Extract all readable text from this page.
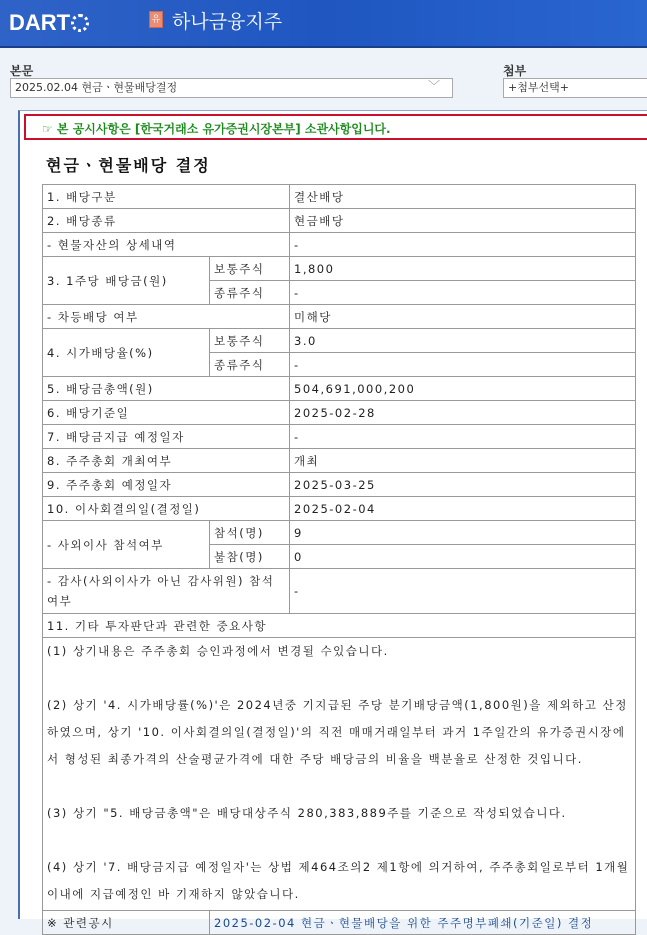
DART	유 하나금융지주
본문
2025.02.04 현금ㆍ현물배당결정	﹀
첨부
+첨부선택+
☞ 본 공시사항은 [한국거래소 유가증권시장본부] 소관사항입니다.
현금ㆍ현물배당 결정
1. 배당구분		결산배당
2. 배당종류		현금배당
- 현물자산의 상세내역		-
3. 1주당 배당금(원)	보통주식	1,800
	종류주식	-
- 차등배당 여부		미해당
4. 시가배당율(%)	보통주식	3.0
	종류주식	-
5. 배당금총액(원)		504,691,000,200
6. 배당기준일		2025-02-28
7. 배당금지급 예정일자		-
8. 주주총회 개최여부		개최
9. 주주총회 예정일자		2025-03-25
10. 이사회결의일(결정일)		2025-02-04
- 사외이사 참석여부	참석(명)	9
	불참(명)	0
- 감사(사외이사가 아닌 감사위원) 참석여부		-
11. 기타 투자판단과 관련한 중요사항		

(1) 상기내용은 주주총회 승인과정에서 변경될 수있습니다.
(2) 상기 '4. 시가배당률(%)'은 2024년중 기지급된 주당 분기배당금액(1,800원)을 제외하고 산정하였으며, 상기 '10. 이사회결의일(결정일)'의 직전 매매거래일부터 과거 1주일간의 유가증권시장에서 형성된 최종가격의 산술평균가격에 대한 주당 배당금의 비율을 백분율로 산정한 것입니다.
(3) 상기 "5. 배당금총액"은 배당대상주식 280,383,889주를 기준으로 작성되었습니다.
(4) 상기 '7. 배당금지급 예정일자'는 상법 제464조의2 제1항에 의거하여, 주주총회일로부터 1개월이내에 지급예정인 바 기재하지 않았습니다.		

※ 관련공시	2025-02-04 현금ㆍ현물배당을 위한 주주명부폐쇄(기준일) 결정	
